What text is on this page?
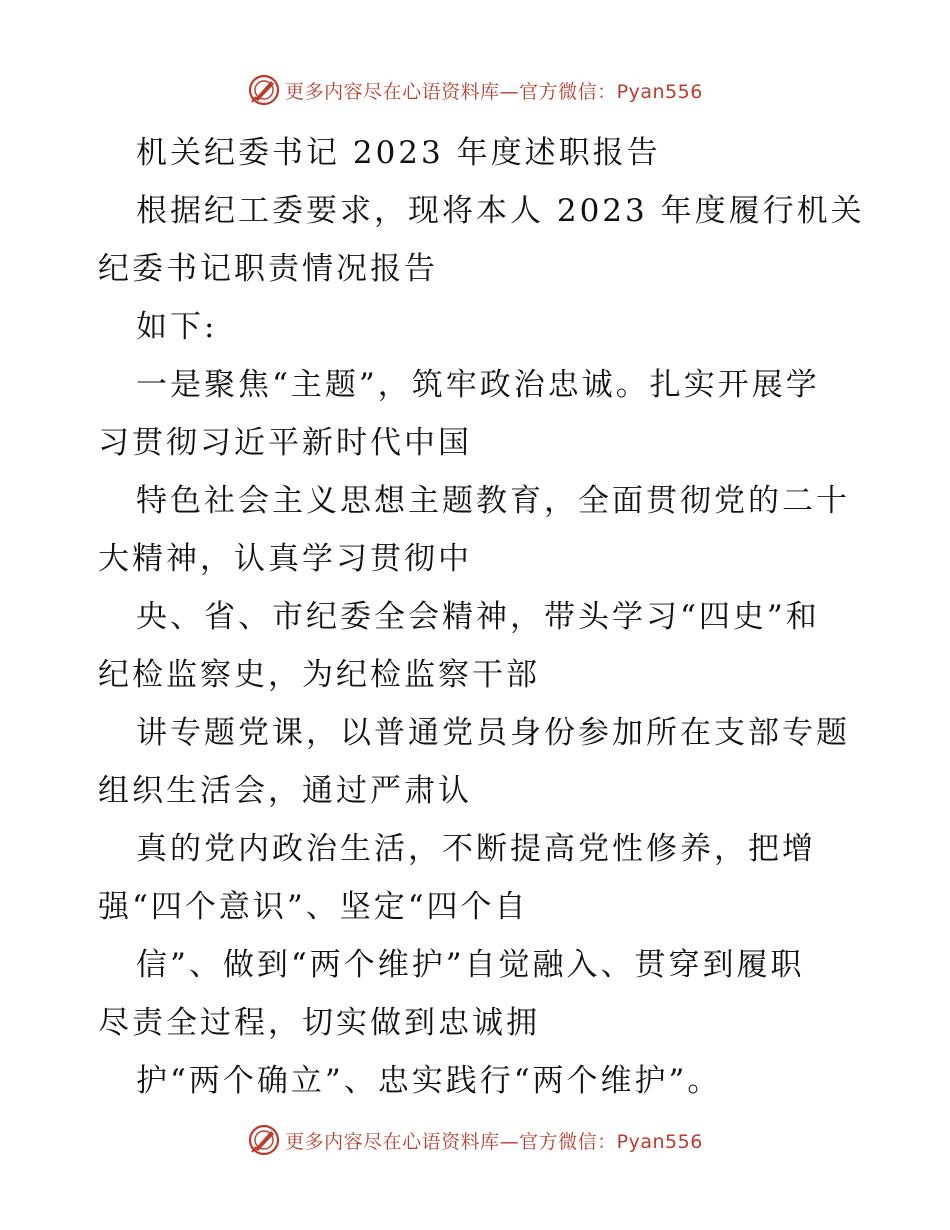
更多内容尽在心语资料库—官方微信：Pyan556
机关纪委书记 2023 年度述职报告
根据纪工委要求，现将本人 2023 年度履行机关
纪委书记职责情况报告
如下:
一是聚焦“主题”，筑牢政治忠诚。扎实开展学
习贯彻习近平新时代中国
特色社会主义思想主题教育，全面贯彻党的二十
大精神，认真学习贯彻中
央、省、市纪委全会精神，带头学习“四史”和
纪检监察史，为纪检监察干部
讲专题党课，以普通党员身份参加所在支部专题
组织生活会，通过严肃认
真的党内政治生活，不断提高党性修养，把增
强“四个意识”、坚定“四个自
信”、做到“两个维护”自觉融入、贯穿到履职
尽责全过程，切实做到忠诚拥
护“两个确立”、忠实践行“两个维护”。
更多内容尽在心语资料库—官方微信：Pyan556
